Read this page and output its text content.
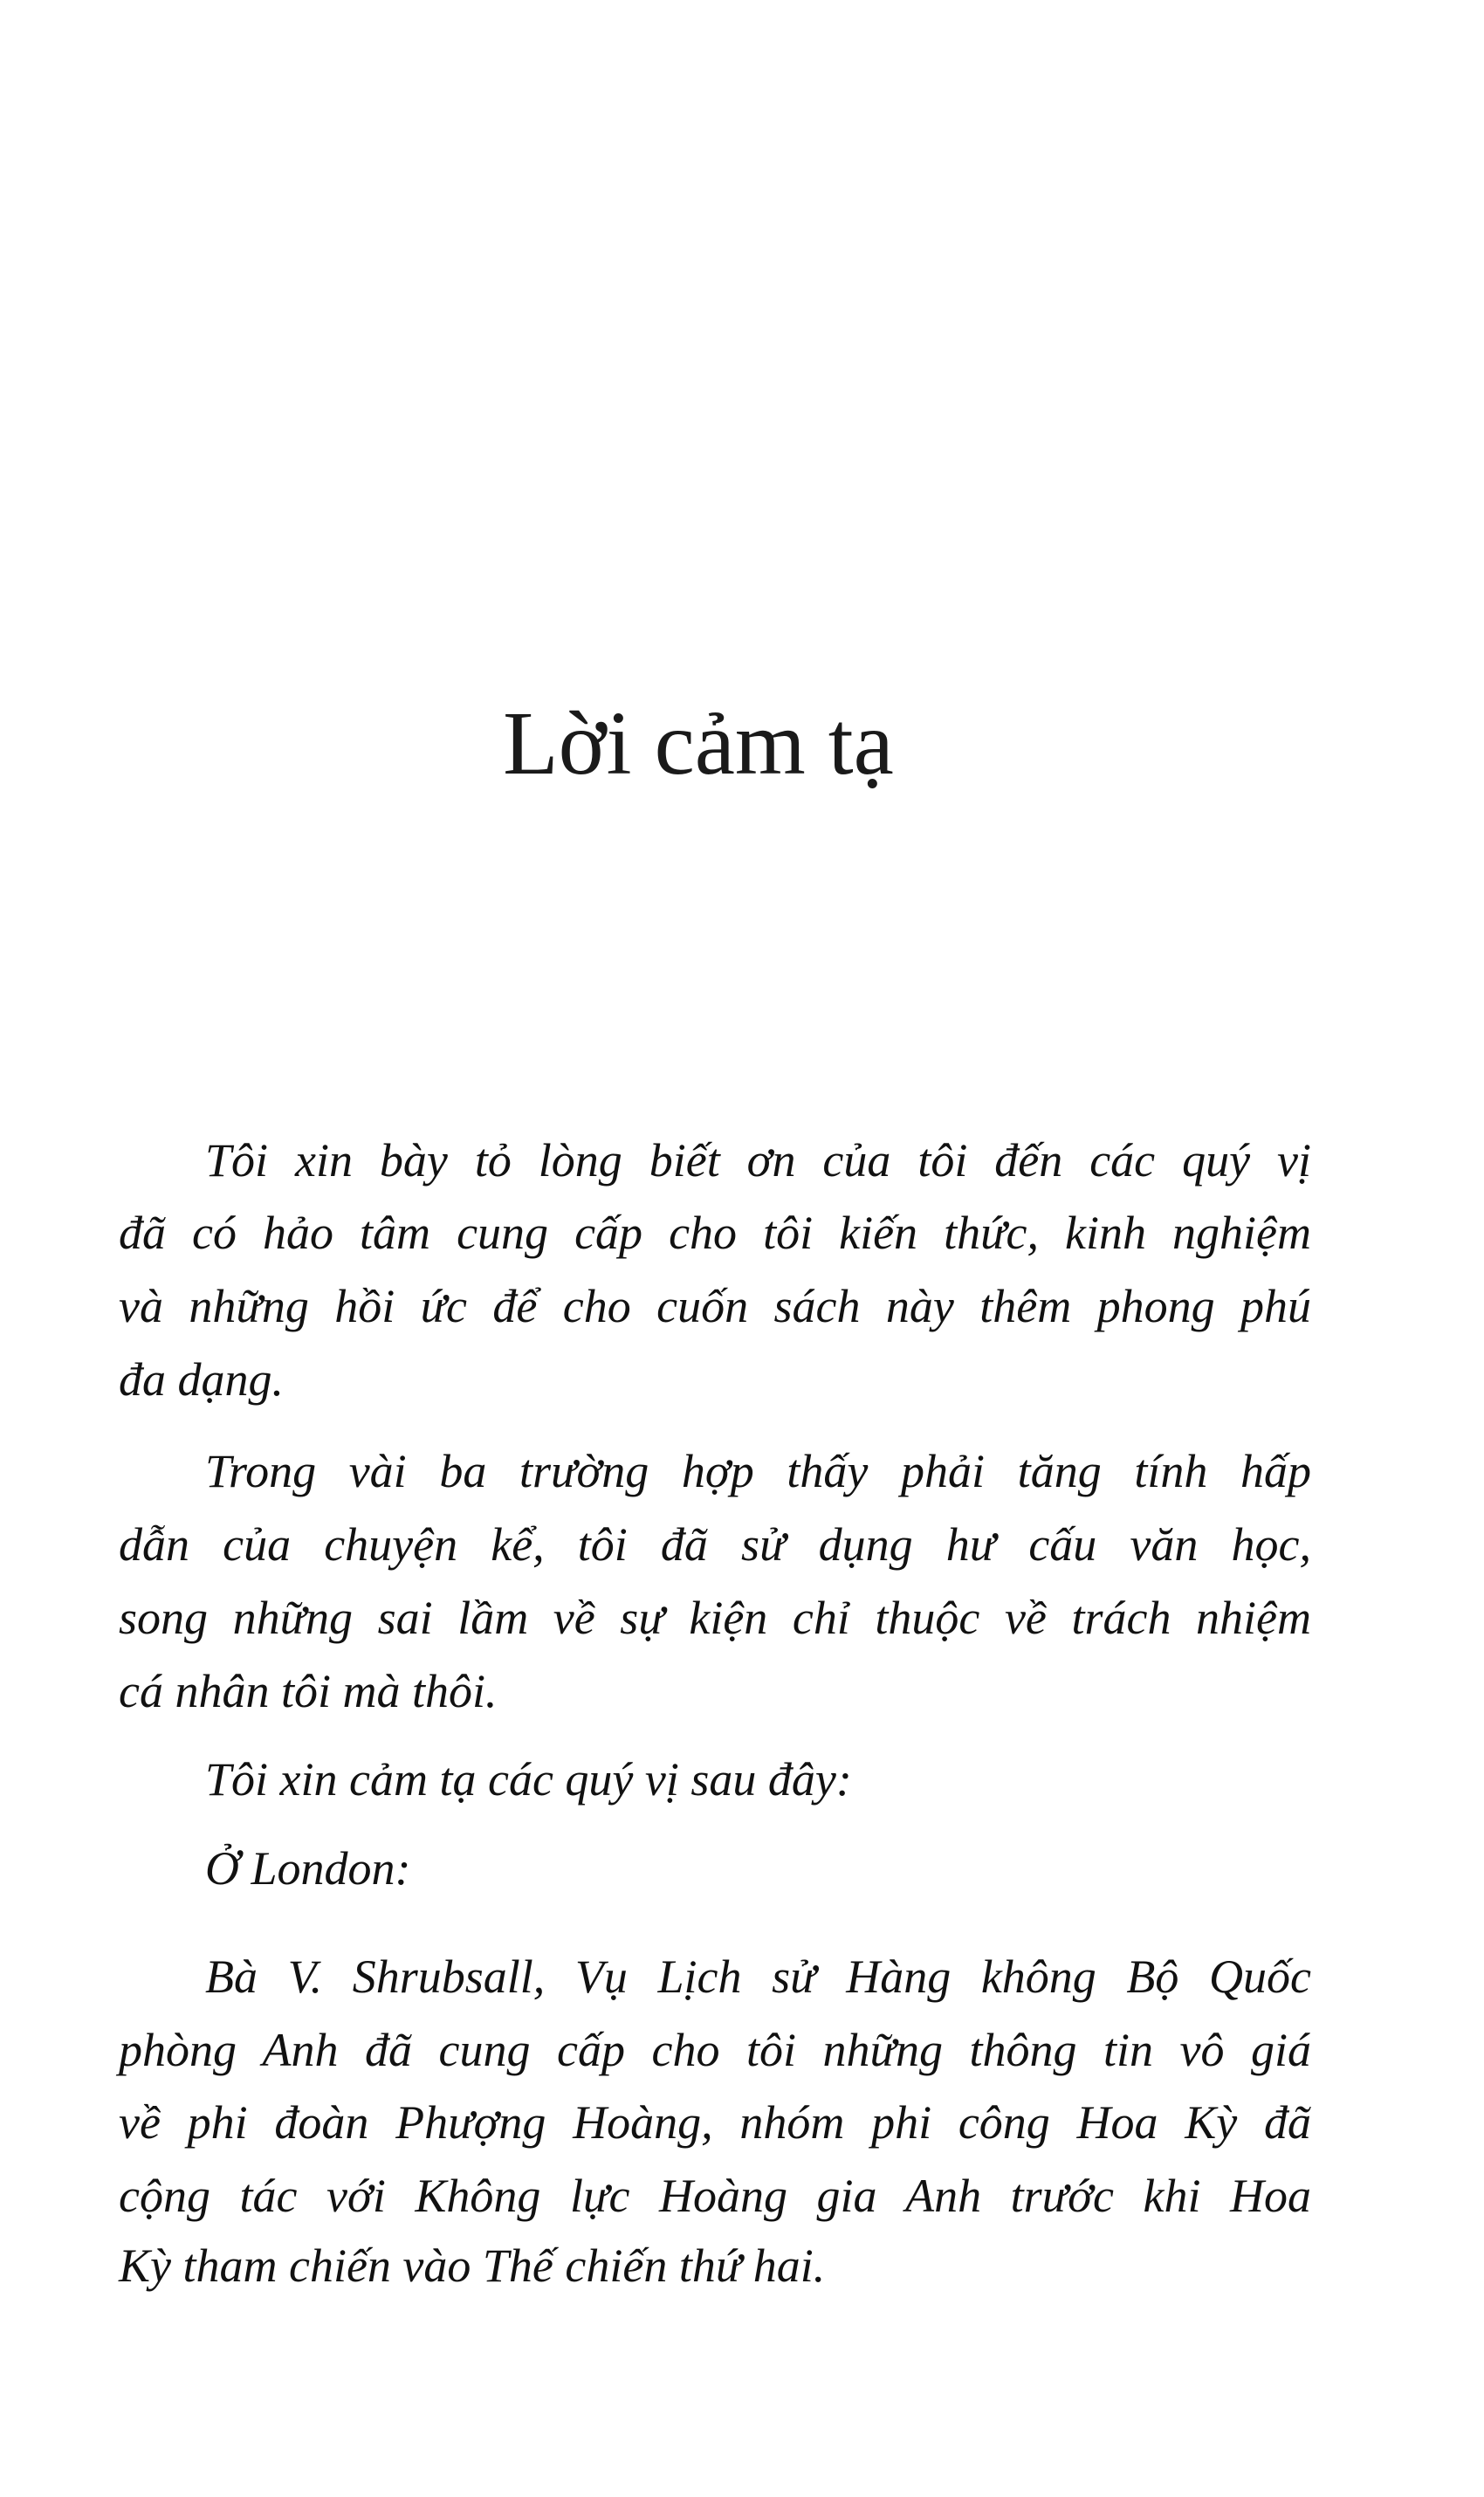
Lời cảm tạ
Tôi xin bày tỏ lòng biết ơn của tôi đến các quý vị
đã có hảo tâm cung cấp cho tôi kiến thức, kinh nghiệm
và những hồi ức để cho cuốn sách này thêm phong phú
đa dạng.
Trong vài ba trường hợp thấy phải tăng tính hấp
dẫn của chuyện kể, tôi đã sử dụng hư cấu văn học,
song những sai lầm về sự kiện chỉ thuộc về trách nhiệm
cá nhân tôi mà thôi.
Tôi xin cảm tạ các quý vị sau đây:
Ở London:
Bà V. Shrubsall, Vụ Lịch sử Hàng không Bộ Quốc
phòng Anh đã cung cấp cho tôi những thông tin vô giá
về phi đoàn Phượng Hoàng, nhóm phi công Hoa Kỳ đã
cộng tác với Không lực Hoàng gia Anh trước khi Hoa
Kỳ tham chiến vào Thế chiến thứ hai.
